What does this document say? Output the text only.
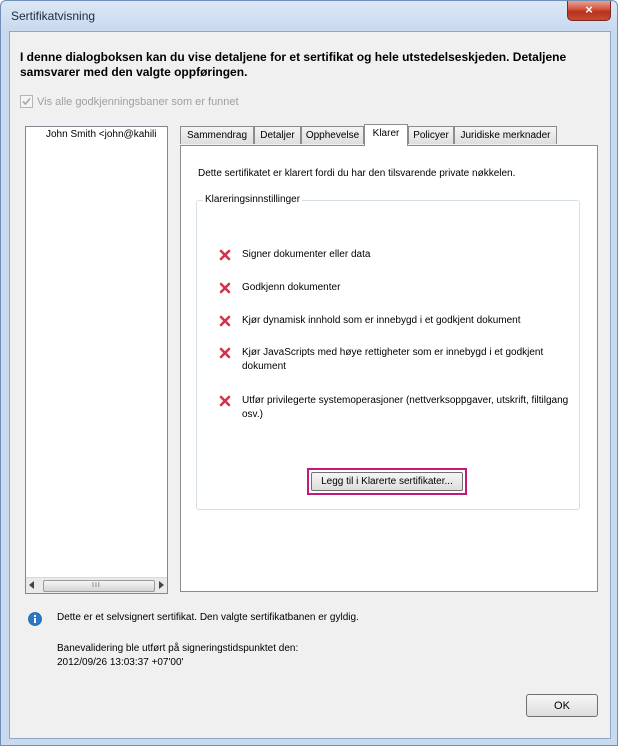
Sertifikatvisning	×
I denne dialogboksen kan du vise detaljene for et sertifikat og hele utstedelseskjeden. Detaljene samsvarer med den valgte oppføringen.
Vis alle godkjenningsbaner som er funnet
John Smith <john@kahili
III
Sammendrag	Detaljer	Opphevelse	Klarer	Policyer	Juridiske merknader
Dette sertifikatet er klarert fordi du har den tilsvarende private nøkkelen.
Klareringsinnstillinger
Signer dokumenter eller data
Godkjenn dokumenter
Kjør dynamisk innhold som er innebygd i et godkjent dokument
Kjør JavaScripts med høye rettigheter som er innebygd i et godkjent dokument
Utfør privilegerte systemoperasjoner (nettverksoppgaver, utskrift, filtilgang osv.)
Legg til i Klarerte sertifikater...
Dette er et selvsignert sertifikat. Den valgte sertifikatbanen er gyldig.
Banevalidering ble utført på signeringstidspunktet den:
2012/09/26 13:03:37 +07'00'
OK
